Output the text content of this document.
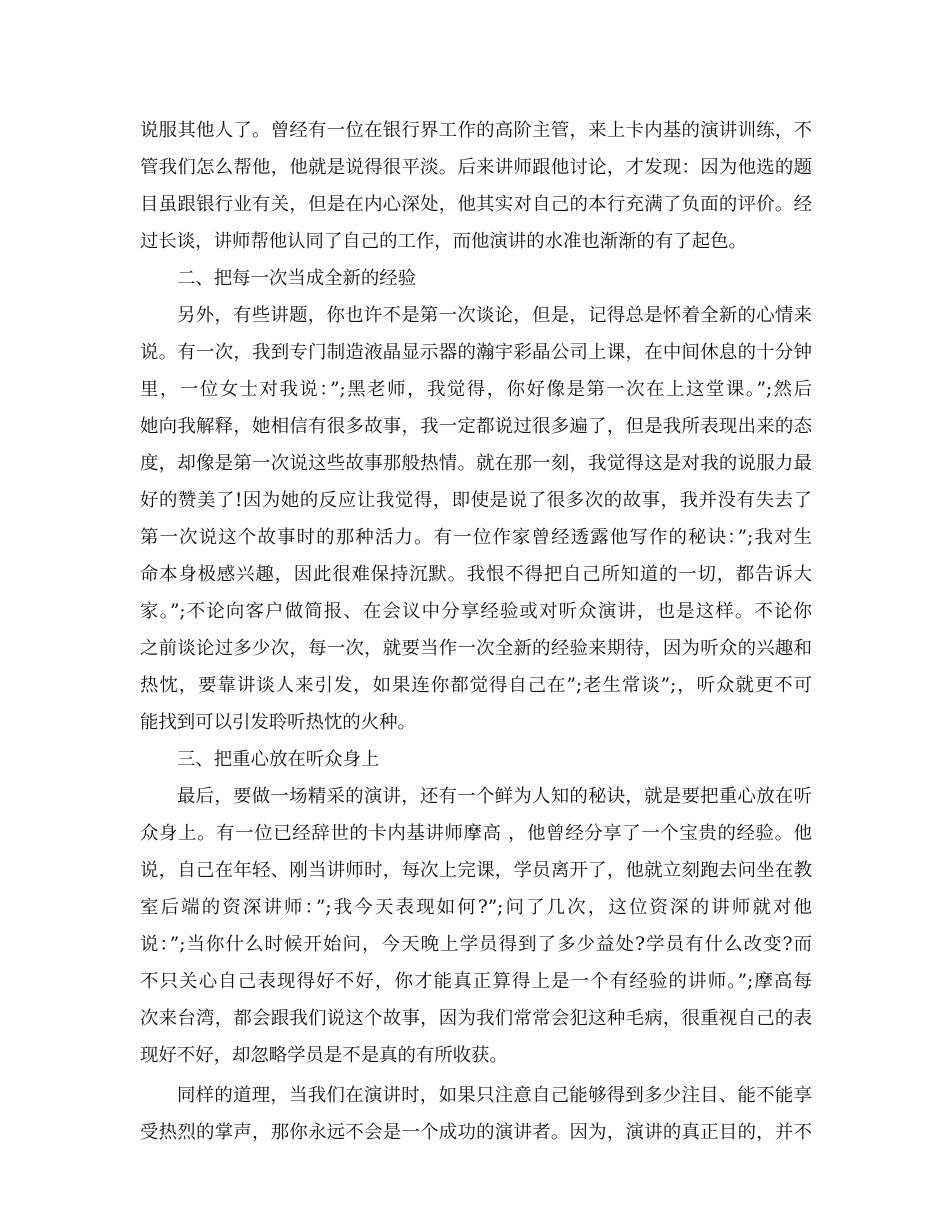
说服其他人了。曾经有一位在银行界工作的高阶主管，来上卡内基的演讲训练，不
管我们怎么帮他，他就是说得很平淡。后来讲师跟他讨论，才发现：因为他选的题
目虽跟银行业有关，但是在内心深处，他其实对自己的本行充满了负面的评价。经
过长谈，讲师帮他认同了自己的工作，而他演讲的水准也渐渐的有了起色。
二、把每一次当成全新的经验
另外，有些讲题，你也许不是第一次谈论，但是，记得总是怀着全新的心情来
说。有一次，我到专门制造液晶显示器的瀚宇彩晶公司上课，在中间休息的十分钟
里，一位女士对我说：”;黑老师，我觉得，你好像是第一次在上这堂课。”;然后
她向我解释，她相信有很多故事，我一定都说过很多遍了，但是我所表现出来的态
度，却像是第一次说这些故事那般热情。就在那一刻，我觉得这是对我的说服力最
好的赞美了!因为她的反应让我觉得，即使是说了很多次的故事，我并没有失去了
第一次说这个故事时的那种活力。有一位作家曾经透露他写作的秘诀：”;我对生
命本身极感兴趣，因此很难保持沉默。我恨不得把自己所知道的一切，都告诉大
家。”;不论向客户做简报、在会议中分享经验或对听众演讲，也是这样。不论你
之前谈论过多少次，每一次，就要当作一次全新的经验来期待，因为听众的兴趣和
热忱，要靠讲谈人来引发，如果连你都觉得自己在”;老生常谈”;，听众就更不可
能找到可以引发聆听热忱的火种。
三、把重心放在听众身上
最后，要做一场精采的演讲，还有一个鲜为人知的秘诀，就是要把重心放在听
众身上。有一位已经辞世的卡内基讲师摩高 ，他曾经分享了一个宝贵的经验。他
说，自己在年轻、刚当讲师时，每次上完课，学员离开了，他就立刻跑去问坐在教
室后端的资深讲师：”;我今天表现如何?”;问了几次，这位资深的讲师就对他
说：”;当你什么时候开始问，今天晚上学员得到了多少益处?学员有什么改变?而
不只关心自己表现得好不好，你才能真正算得上是一个有经验的讲师。”;摩高每
次来台湾，都会跟我们说这个故事，因为我们常常会犯这种毛病，很重视自己的表
现好不好，却忽略学员是不是真的有所收获。
同样的道理，当我们在演讲时，如果只注意自己能够得到多少注目、能不能享
受热烈的掌声，那你永远不会是一个成功的演讲者。因为，演讲的真正目的，并不
